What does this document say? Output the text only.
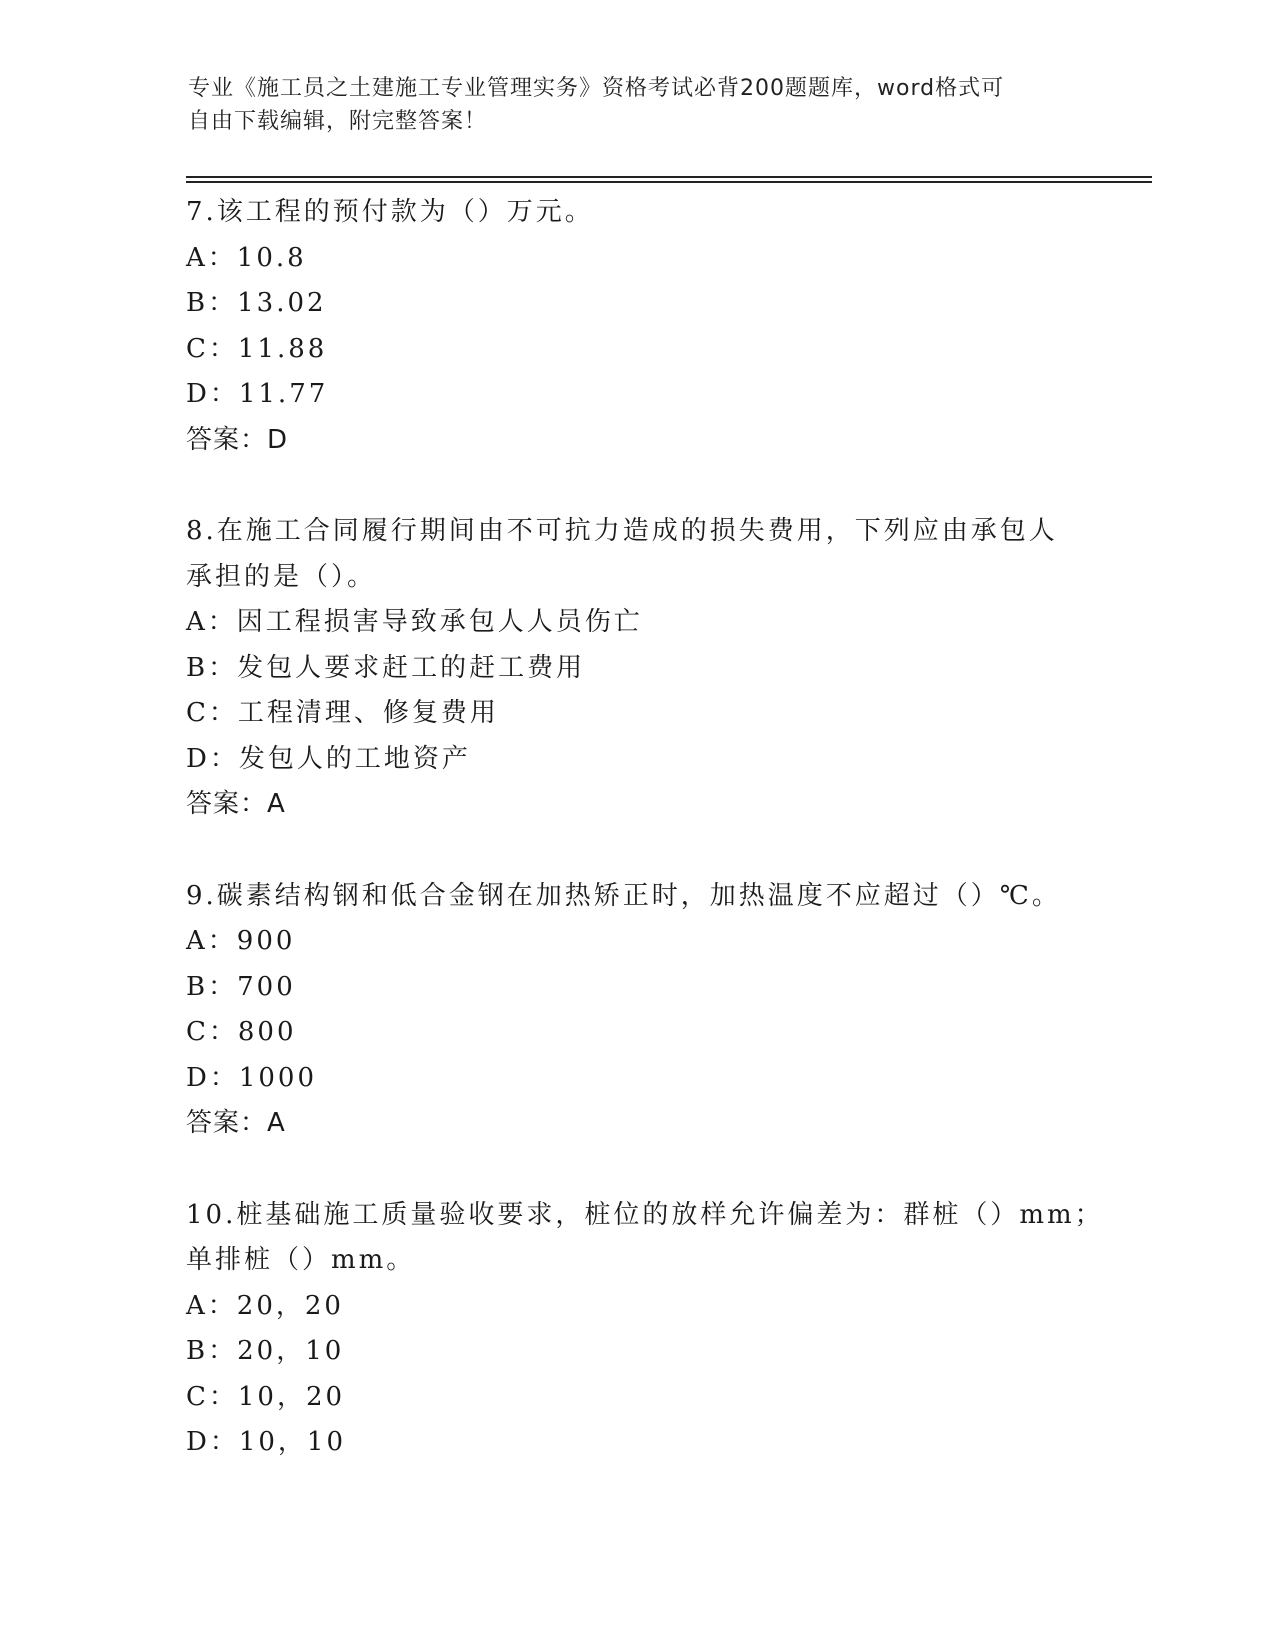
专业《施工员之土建施工专业管理实务》资格考试必背200题题库，word格式可
自由下载编辑，附完整答案！
7.该工程的预付款为（）万元。
A：10.8
B：13.02
C：11.88
D：11.77
答案：D
8.在施工合同履行期间由不可抗力造成的损失费用，下列应由承包人
承担的是（）。
A：因工程损害导致承包人人员伤亡
B：发包人要求赶工的赶工费用
C：工程清理、修复费用
D：发包人的工地资产
答案：A
9.碳素结构钢和低合金钢在加热矫正时，加热温度不应超过（）℃。
A：900
B：700
C：800
D：1000
答案：A
10.桩基础施工质量验收要求，桩位的放样允许偏差为：群桩（）mm；
单排桩（）mm。
A：20，20
B：20，10
C：10，20
D：10，10
